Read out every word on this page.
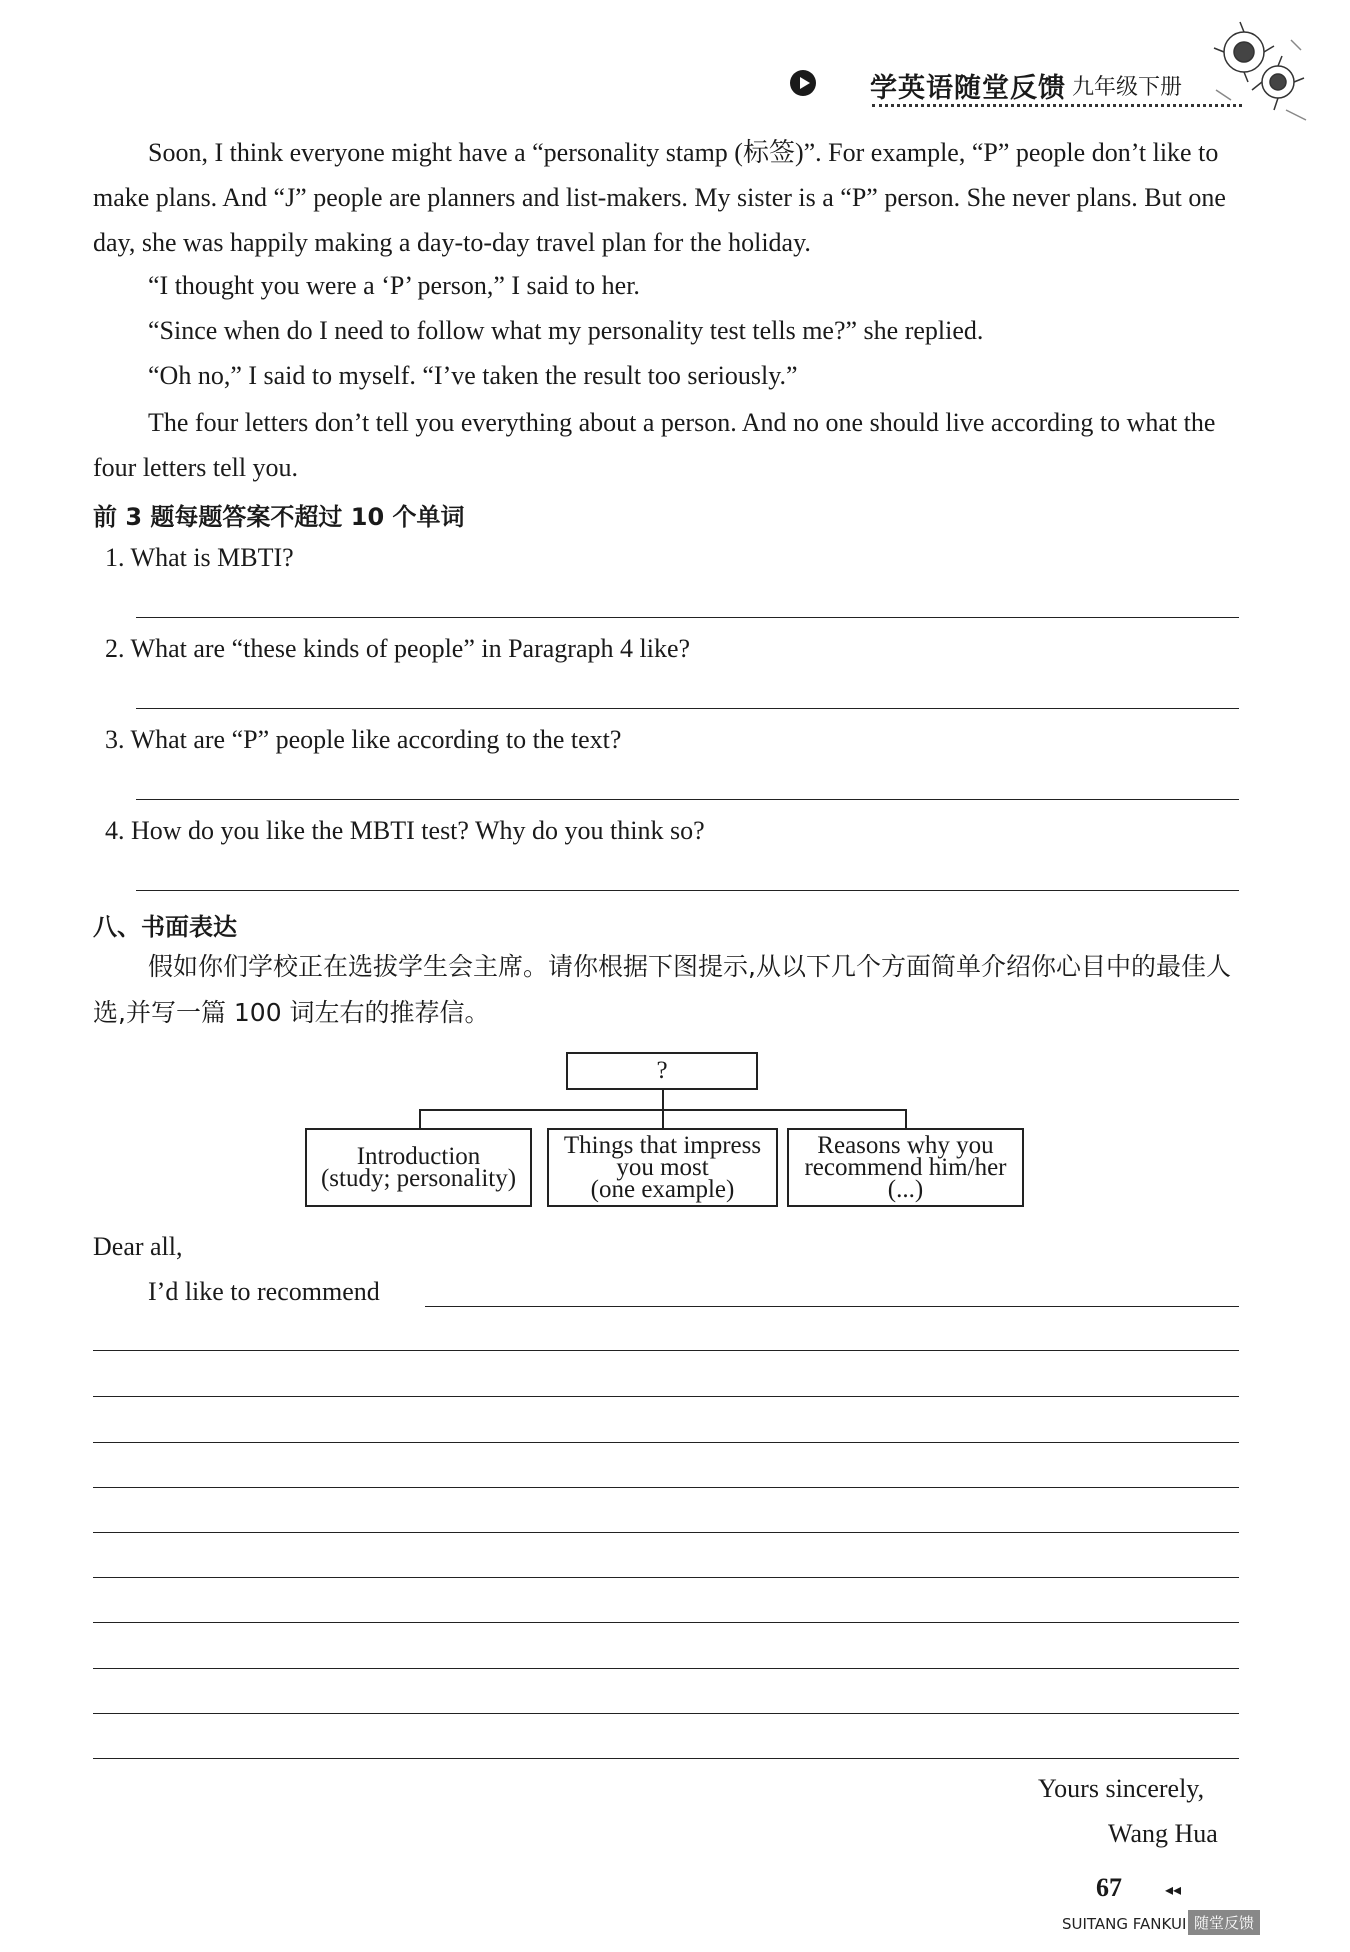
学英语随堂反馈 九年级下册
Soon, I think everyone might have a “personality stamp (标签)”. For example, “P” people don’t like to make plans. And “J” people are planners and list-makers. My sister is a “P” person. She never plans. But one day, she was happily making a day-to-day travel plan for the holiday.
“I thought you were a ‘P’ person,” I said to her.
“Since when do I need to follow what my personality test tells me?” she replied.
“Oh no,” I said to myself. “I’ve taken the result too seriously.”
The four letters don’t tell you everything about a person. And no one should live according to what the four letters tell you.
前 3 题每题答案不超过 10 个单词
1. What is MBTI?
2. What are “these kinds of people” in Paragraph 4 like?
3. What are “P” people like according to the text?
4. How do you like the MBTI test? Why do you think so?
八、书面表达
假如你们学校正在选拔学生会主席。请你根据下图提示,从以下几个方面简单介绍你心目中的最佳人选,并写一篇 100 词左右的推荐信。
?
Introduction
(study; personality)
Things that impress
you most
(one example)
Reasons why you
recommend him/her
(...)
Dear all,
I’d like to recommend
Yours sincerely,
Wang Hua
67	◂◂
SUITANG FANKUI 随堂反馈
